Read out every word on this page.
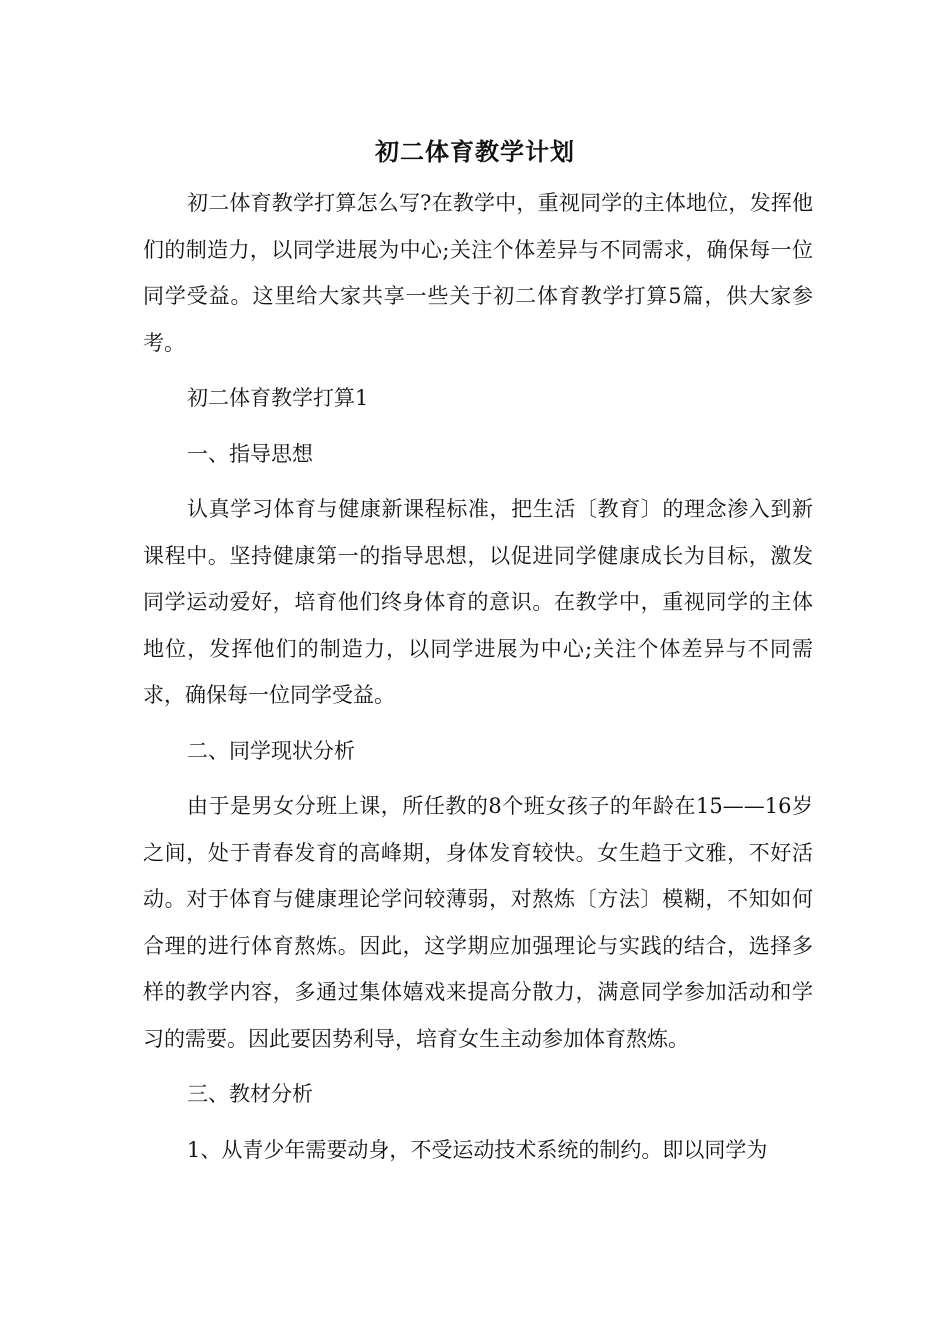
初二体育教学计划

初二体育教学打算怎么写?在教学中，重视同学的主体地位，发挥他们的制造力，以同学进展为中心;关注个体差异与不同需求，确保每一位同学受益。这里给大家共享一些关于初二体育教学打算5篇，供大家参考。

初二体育教学打算1

一、指导思想

认真学习体育与健康新课程标准，把生活〔教育〕的理念渗入到新课程中。坚持健康第一的指导思想，以促进同学健康成长为目标，激发同学运动爱好，培育他们终身体育的意识。在教学中，重视同学的主体地位，发挥他们的制造力，以同学进展为中心;关注个体差异与不同需求，确保每一位同学受益。

二、同学现状分析

由于是男女分班上课，所任教的8个班女孩子的年龄在15——16岁之间，处于青春发育的高峰期，身体发育较快。女生趋于文雅，不好活动。对于体育与健康理论学问较薄弱，对熬炼〔方法〕模糊，不知如何合理的进行体育熬炼。因此，这学期应加强理论与实践的结合，选择多样的教学内容，多通过集体嬉戏来提高分散力，满意同学参加活动和学习的需要。因此要因势利导，培育女生主动参加体育熬炼。

三、教材分析

1、从青少年需要动身，不受运动技术系统的制约。即以同学为
